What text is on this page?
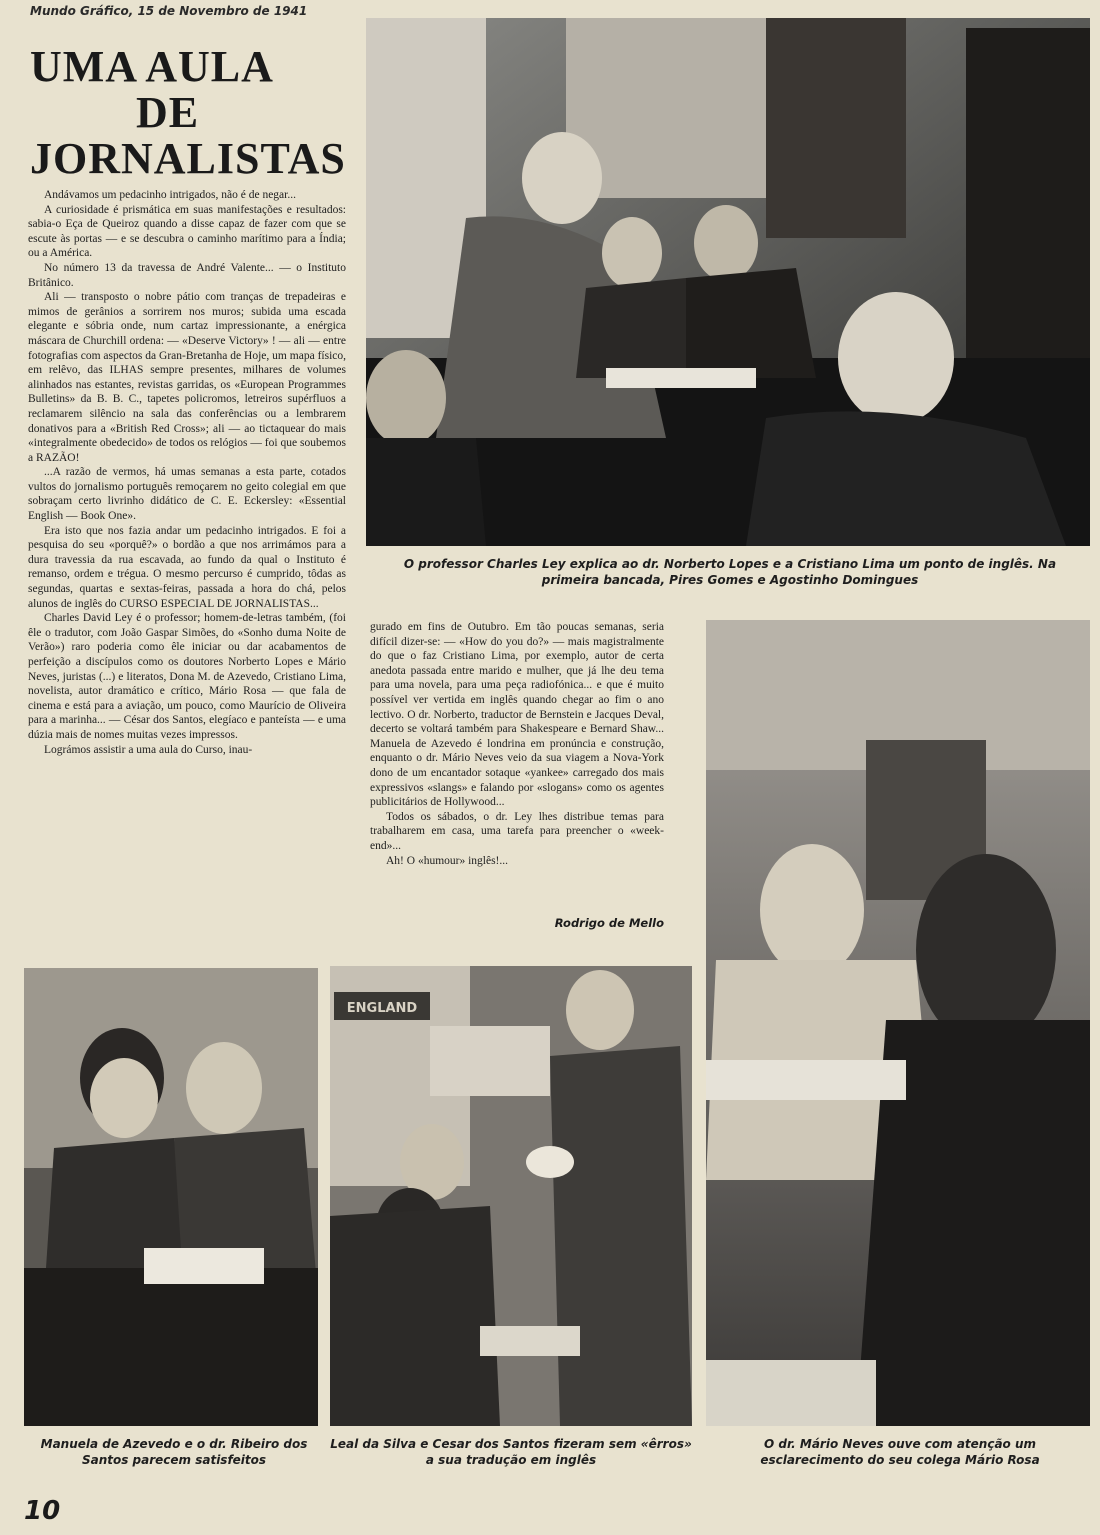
Mundo Gráfico, 15 de Novembro de 1941
UMA AULA
DE
JORNALISTAS

Andávamos um pedacinho intrigados, não é de negar...

A curiosidade é prismática em suas manifestações e resultados: sabia-o Eça de Queiroz quando a disse capaz de fazer com que se escute às portas — e se descubra o caminho marítimo para a Índia; ou a América.

No número 13 da travessa de André Valente... — o Instituto Britânico.

Ali — transposto o nobre pátio com tranças de trepadeiras e mimos de gerânios a sorrirem nos muros; subida uma escada elegante e sóbria onde, num cartaz impressionante, a enérgica máscara de Churchill ordena: — «Deserve Victory» ! — ali — entre fotografias com aspectos da Gran-Bretanha de Hoje, um mapa físico, em relêvo, das ILHAS sempre presentes, milhares de volumes alinhados nas estantes, revistas garridas, os «European Programmes Bulletins» da B. B. C., tapetes policromos, letreiros supérfluos a reclamarem silêncio na sala das conferências ou a lembrarem donativos para a «British Red Cross»; ali — ao tictaquear do mais «integralmente obedecido» de todos os relógios — foi que soubemos a RAZÃO!

...A razão de vermos, há umas semanas a esta parte, cotados vultos do jornalismo português remoçarem no geito colegial em que sobraçam certo livrinho didático de C. E. Eckersley: «Essential English — Book One».

Era isto que nos fazia andar um pedacinho intrigados. E foi a pesquisa do seu «porquê?» o bordão a que nos arrimámos para a dura travessia da rua escavada, ao fundo da qual o Instituto é remanso, ordem e trégua. O mesmo percurso é cumprido, tôdas as segundas, quartas e sextas-feiras, passada a hora do chá, pelos alunos de inglês do CURSO ESPECIAL DE JORNALISTAS...

Charles David Ley é o professor; homem-de-letras também, (foi êle o tradutor, com João Gaspar Simões, do «Sonho duma Noite de Verão») raro poderia como êle iniciar ou dar acabamentos de perfeição a discípulos como os doutores Norberto Lopes e Mário Neves, juristas (...) e literatos, Dona M. de Azevedo, Cristiano Lima, novelista, autor dramático e crítico, Mário Rosa — que fala de cinema e está para a aviação, um pouco, como Maurício de Oliveira para a marinha... — César dos Santos, elegíaco e panteísta — e uma dúzia mais de nomes muitas vezes impressos.

Lográmos assistir a uma aula do Curso, inau-

O professor Charles Ley explica ao dr. Norberto Lopes e a Cristiano Lima um ponto de inglês. Na primeira bancada, Pires Gomes e Agostinho Domingues

gurado em fins de Outubro. Em tão poucas semanas, seria difícil dizer-se: — «How do you do?» — mais magistralmente do que o faz Cristiano Lima, por exemplo, autor de certa anedota passada entre marido e mulher, que já lhe deu tema para uma novela, para uma peça radiofónica... e que é muito possível ver vertida em inglês quando chegar ao fim o ano lectivo. O dr. Norberto, traductor de Bernstein e Jacques Deval, decerto se voltará também para Shakespeare e Bernard Shaw... Manuela de Azevedo é londrina em pronúncia e construção, enquanto o dr. Mário Neves veio da sua viagem a Nova-York dono de um encantador sotaque «yankee» carregado dos mais expressivos «slangs» e falando por «slogans» como os agentes publicitários de Hollywood...

Todos os sábados, o dr. Ley lhes distribue temas para trabalharem em casa, uma tarefa para preencher o «week-end»...

Ah! O «humour» inglês!...

Rodrigo de Mello
O dr. Mário Neves ouve com atenção um esclarecimento do seu colega Mário Rosa
Manuela de Azevedo e o dr. Ribeiro dos Santos parecem satisfeitos
ENGLAND
Leal da Silva e Cesar dos Santos fizeram sem «êrros» a sua tradução em inglês
10
